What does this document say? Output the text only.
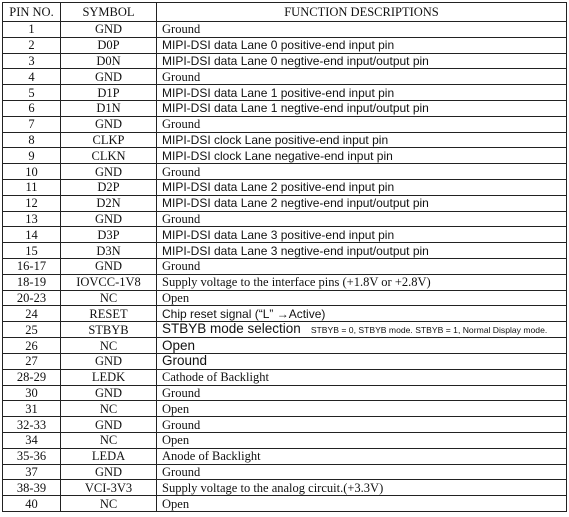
PIN NO.	SYMBOL	FUNCTION DESCRIPTIONS
1	GND	Ground
2	D0P	MIPI-DSI data Lane 0 positive-end input pin
3	D0N	MIPI-DSI data Lane 0 negtive-end input/output pin
4	GND	Ground
5	D1P	MIPI-DSI data Lane 1 positive-end input pin
6	D1N	MIPI-DSI data Lane 1 negtive-end input/output pin
7	GND	Ground
8	CLKP	MIPI-DSI clock Lane positive-end input pin
9	CLKN	MIPI-DSI clock Lane negative-end input pin
10	GND	Ground
11	D2P	MIPI-DSI data Lane 2 positive-end input pin
12	D2N	MIPI-DSI data Lane 2 negtive-end input/output pin
13	GND	Ground
14	D3P	MIPI-DSI data Lane 3 positive-end input pin
15	D3N	MIPI-DSI data Lane 3 negtive-end input/output pin
16-17	GND	Ground
18-19	IOVCC-1V8	Supply voltage to the interface pins (+1.8V or +2.8V)
20-23	NC	Open
24	RESET	Chip reset signal (“L” →Active)
25	STBYB	STBYB mode selection STBYB = 0, STBYB mode. STBYB = 1, Normal Display mode.
26	NC	Open
27	GND	Ground
28-29	LEDK	Cathode of Backlight
30	GND	Ground
31	NC	Open
32-33	GND	Ground
34	NC	Open
35-36	LEDA	Anode of Backlight
37	GND	Ground
38-39	VCI-3V3	Supply voltage to the analog circuit.(+3.3V)
40	NC	Open
